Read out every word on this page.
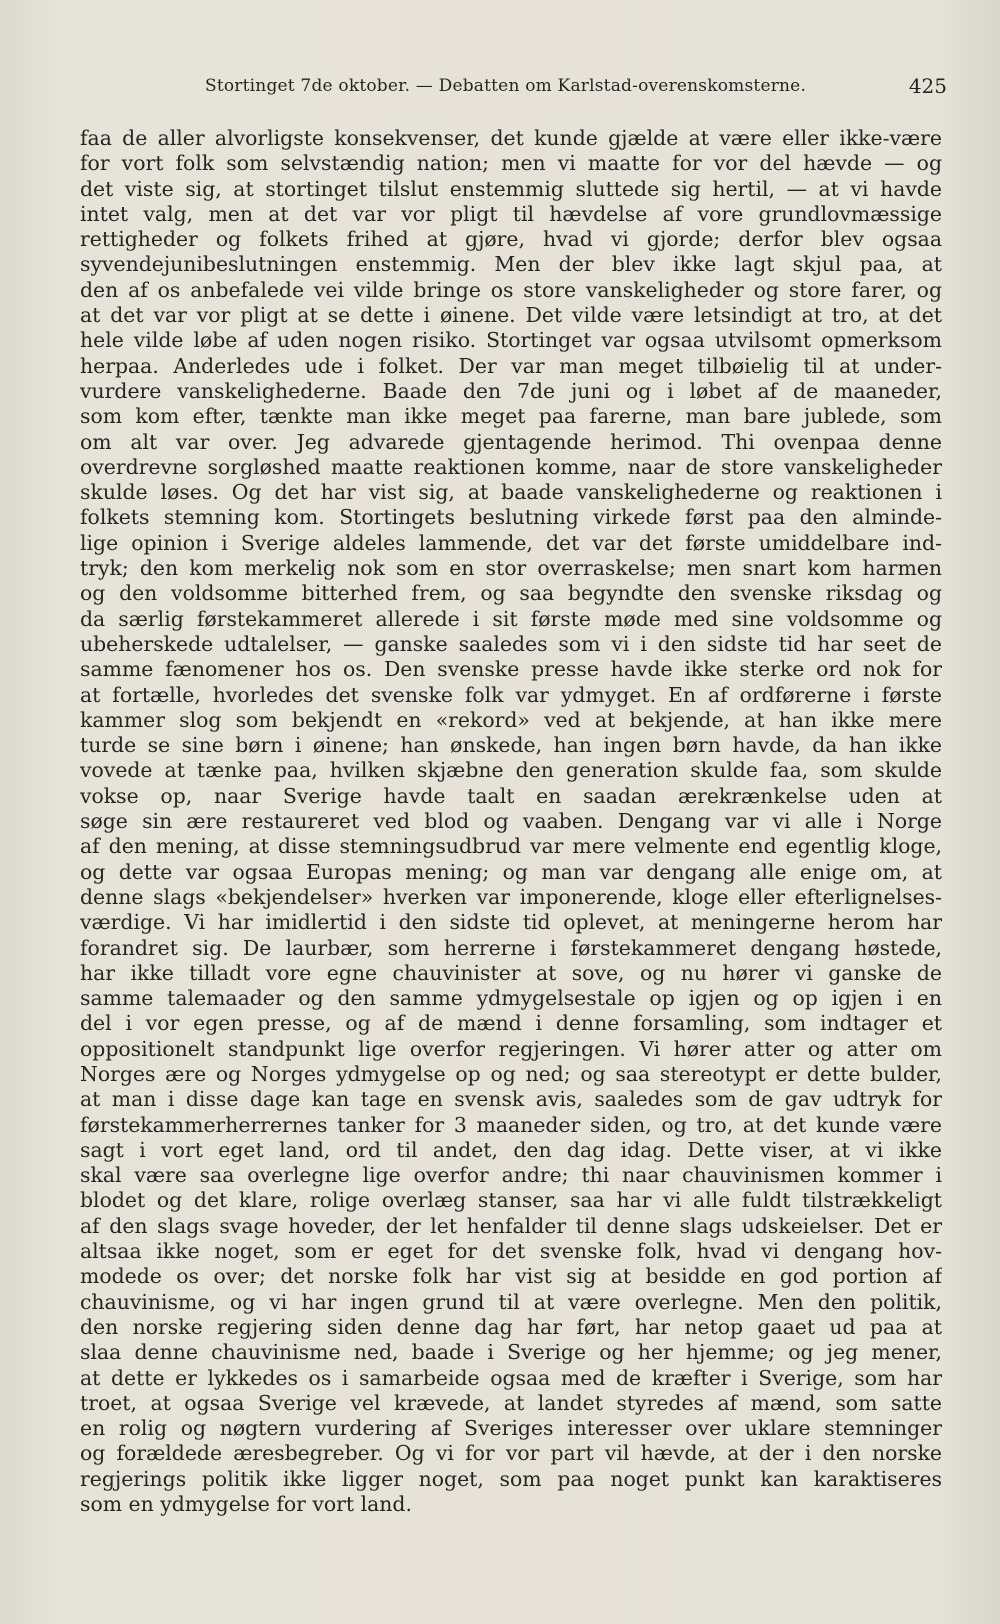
Stortinget 7de oktober. — Debatten om Karlstad-overenskomsterne.	425
faa de aller alvorligste konsekvenser, det kunde gjælde at være eller ikke-være
for vort folk som selvstændig nation; men vi maatte for vor del hævde — og
det viste sig, at stortinget tilslut enstemmig sluttede sig hertil, — at vi havde
intet valg, men at det var vor pligt til hævdelse af vore grundlovmæssige
rettigheder og folkets frihed at gjøre, hvad vi gjorde; derfor blev ogsaa
syvendejunibeslutningen enstemmig. Men der blev ikke lagt skjul paa, at
den af os anbefalede vei vilde bringe os store vanskeligheder og store farer, og
at det var vor pligt at se dette i øinene. Det vilde være letsindigt at tro, at det
hele vilde løbe af uden nogen risiko. Stortinget var ogsaa utvilsomt opmerksom
herpaa. Anderledes ude i folket. Der var man meget tilbøielig til at under-
vurdere vanskelighederne. Baade den 7de juni og i løbet af de maaneder,
som kom efter, tænkte man ikke meget paa farerne, man bare jublede, som
om alt var over. Jeg advarede gjentagende herimod. Thi ovenpaa denne
overdrevne sorgløshed maatte reaktionen komme, naar de store vanskeligheder
skulde løses. Og det har vist sig, at baade vanskelighederne og reaktionen i
folkets stemning kom. Stortingets beslutning virkede først paa den alminde-
lige opinion i Sverige aldeles lammende, det var det første umiddelbare ind-
tryk; den kom merkelig nok som en stor overraskelse; men snart kom harmen
og den voldsomme bitterhed frem, og saa begyndte den svenske riksdag og
da særlig førstekammeret allerede i sit første møde med sine voldsomme og
ubeherskede udtalelser, — ganske saaledes som vi i den sidste tid har seet de
samme fænomener hos os. Den svenske presse havde ikke sterke ord nok for
at fortælle, hvorledes det svenske folk var ydmyget. En af ordførerne i første
kammer slog som bekjendt en «rekord» ved at bekjende, at han ikke mere
turde se sine børn i øinene; han ønskede, han ingen børn havde, da han ikke
vovede at tænke paa, hvilken skjæbne den generation skulde faa, som skulde
vokse op, naar Sverige havde taalt en saadan ærekrænkelse uden at
søge sin ære restaureret ved blod og vaaben. Dengang var vi alle i Norge
af den mening, at disse stemningsudbrud var mere velmente end egentlig kloge,
og dette var ogsaa Europas mening; og man var dengang alle enige om, at
denne slags «bekjendelser» hverken var imponerende, kloge eller efterlignelses-
værdige. Vi har imidlertid i den sidste tid oplevet, at meningerne herom har
forandret sig. De laurbær, som herrerne i førstekammeret dengang høstede,
har ikke tilladt vore egne chauvinister at sove, og nu hører vi ganske de
samme talemaader og den samme ydmygelsestale op igjen og op igjen i en
del i vor egen presse, og af de mænd i denne forsamling, som indtager et
oppositionelt standpunkt lige overfor regjeringen. Vi hører atter og atter om
Norges ære og Norges ydmygelse op og ned; og saa stereotypt er dette bulder,
at man i disse dage kan tage en svensk avis, saaledes som de gav udtryk for
førstekammerherrernes tanker for 3 maaneder siden, og tro, at det kunde være
sagt i vort eget land, ord til andet, den dag idag. Dette viser, at vi ikke
skal være saa overlegne lige overfor andre; thi naar chauvinismen kommer i
blodet og det klare, rolige overlæg stanser, saa har vi alle fuldt tilstrækkeligt
af den slags svage hoveder, der let henfalder til denne slags udskeielser. Det er
altsaa ikke noget, som er eget for det svenske folk, hvad vi dengang hov-
modede os over; det norske folk har vist sig at besidde en god portion af
chauvinisme, og vi har ingen grund til at være overlegne. Men den politik,
den norske regjering siden denne dag har ført, har netop gaaet ud paa at
slaa denne chauvinisme ned, baade i Sverige og her hjemme; og jeg mener,
at dette er lykkedes os i samarbeide ogsaa med de kræfter i Sverige, som har
troet, at ogsaa Sverige vel krævede, at landet styredes af mænd, som satte
en rolig og nøgtern vurdering af Sveriges interesser over uklare stemninger
og forældede æresbegreber. Og vi for vor part vil hævde, at der i den norske
regjerings politik ikke ligger noget, som paa noget punkt kan karaktiseres
som en ydmygelse for vort land.
